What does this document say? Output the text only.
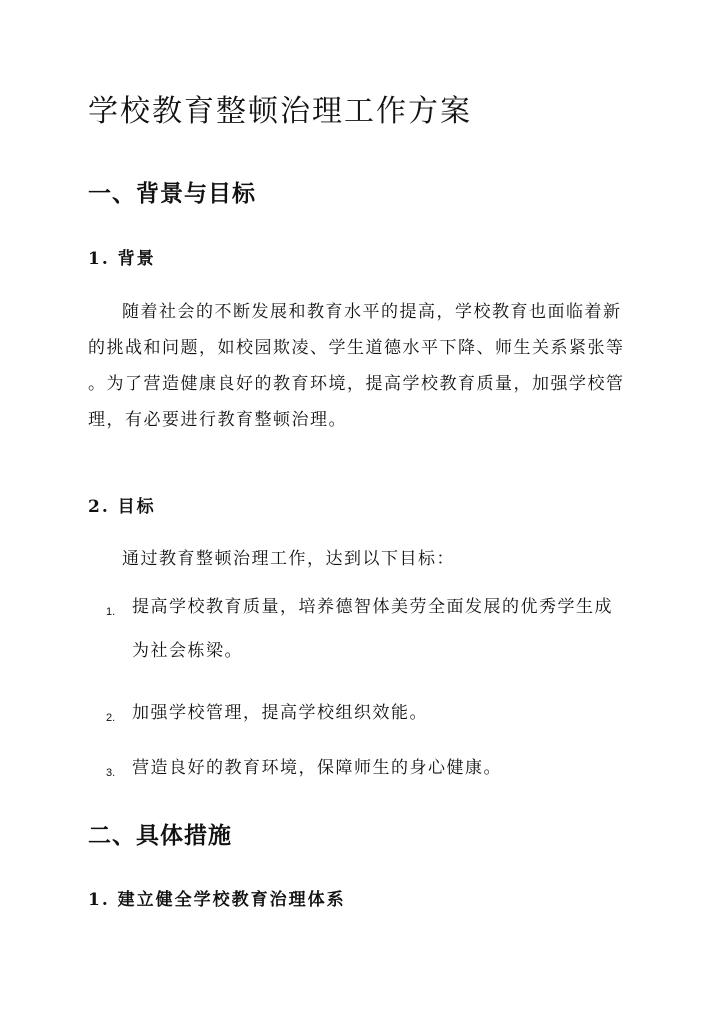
学校教育整顿治理工作方案
一、背景与目标
1. 背景
随着社会的不断发展和教育水平的提高，学校教育也面临着新
的挑战和问题，如校园欺凌、学生道德水平下降、师生关系紧张等
。为了营造健康良好的教育环境，提高学校教育质量，加强学校管
理，有必要进行教育整顿治理。
2. 目标
通过教育整顿治理工作，达到以下目标：
1. 提高学校教育质量，培养德智体美劳全面发展的优秀学生成
为社会栋梁。
2. 加强学校管理，提高学校组织效能。
3. 营造良好的教育环境，保障师生的身心健康。
二、具体措施
1. 建立健全学校教育治理体系
